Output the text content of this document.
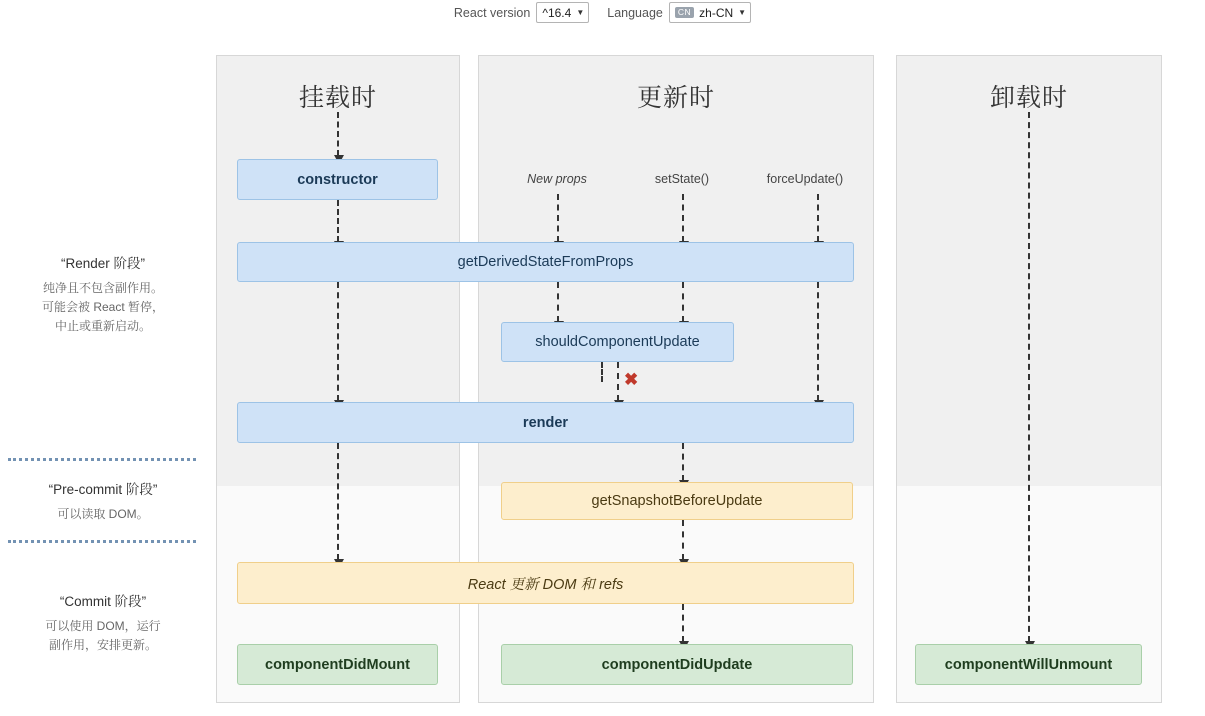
React version ^16.4 ▼ Language	CN zh-CN ▼
挂载时	更新时	卸载时
“Render 阶段”
纯净且不包含副作用。
可能会被 React 暂停，
中止或重新启动。
“Pre-commit 阶段”
可以读取 DOM。
“Commit 阶段”
可以使用 DOM，运行
副作用，安排更新。
constructor
componentDidMount
New props	setState()	forceUpdate()
getDerivedStateFromProps
shouldComponentUpdate
✖
render
getSnapshotBeforeUpdate
React 更新 DOM 和 refs
componentDidUpdate	componentWillUnmount
